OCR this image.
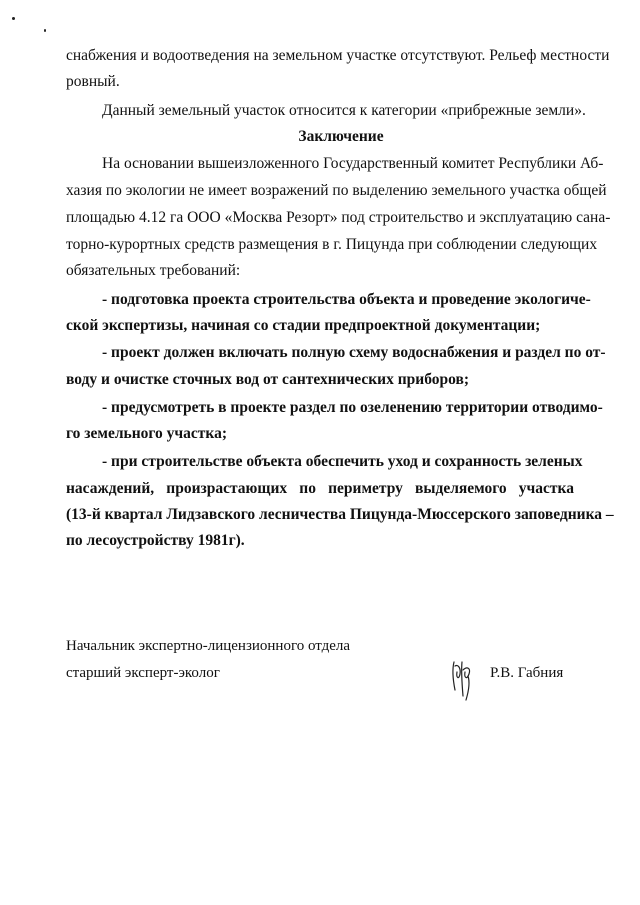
снабжения и водоотведения на земельном участке отсутствуют. Рельеф местности
ровный.
Данный земельный участок относится к категории «прибрежные земли».
Заключение
На основании вышеизложенного Государственный комитет Республики Аб-
хазия по экологии не имеет возражений по выделению земельного участка общей
площадью 4.12 га ООО «Москва Резорт» под строительство и эксплуатацию сана-
торно-курортных средств размещения в г. Пицунда при соблюдении следующих
обязательных требований:
- подготовка проекта строительства объекта и проведение экологиче-
ской экспертизы, начиная со стадии предпроектной документации;
- проект должен включать полную схему водоснабжения и раздел по от-
воду и очистке сточных вод от сантехнических приборов;
- предусмотреть в проекте раздел по озеленению территории отводимо-
го земельного участка;
- при строительстве объекта обеспечить уход и сохранность зеленых
насаждений, произрастающих по периметру выделяемого участка
(13-й квартал Лидзавского лесничества Пицунда-Мюссерского заповедника –
по лесоустройству 1981г).
Начальник экспертно-лицензионного отдела
старший эксперт-эколог	Р.В. Габния
